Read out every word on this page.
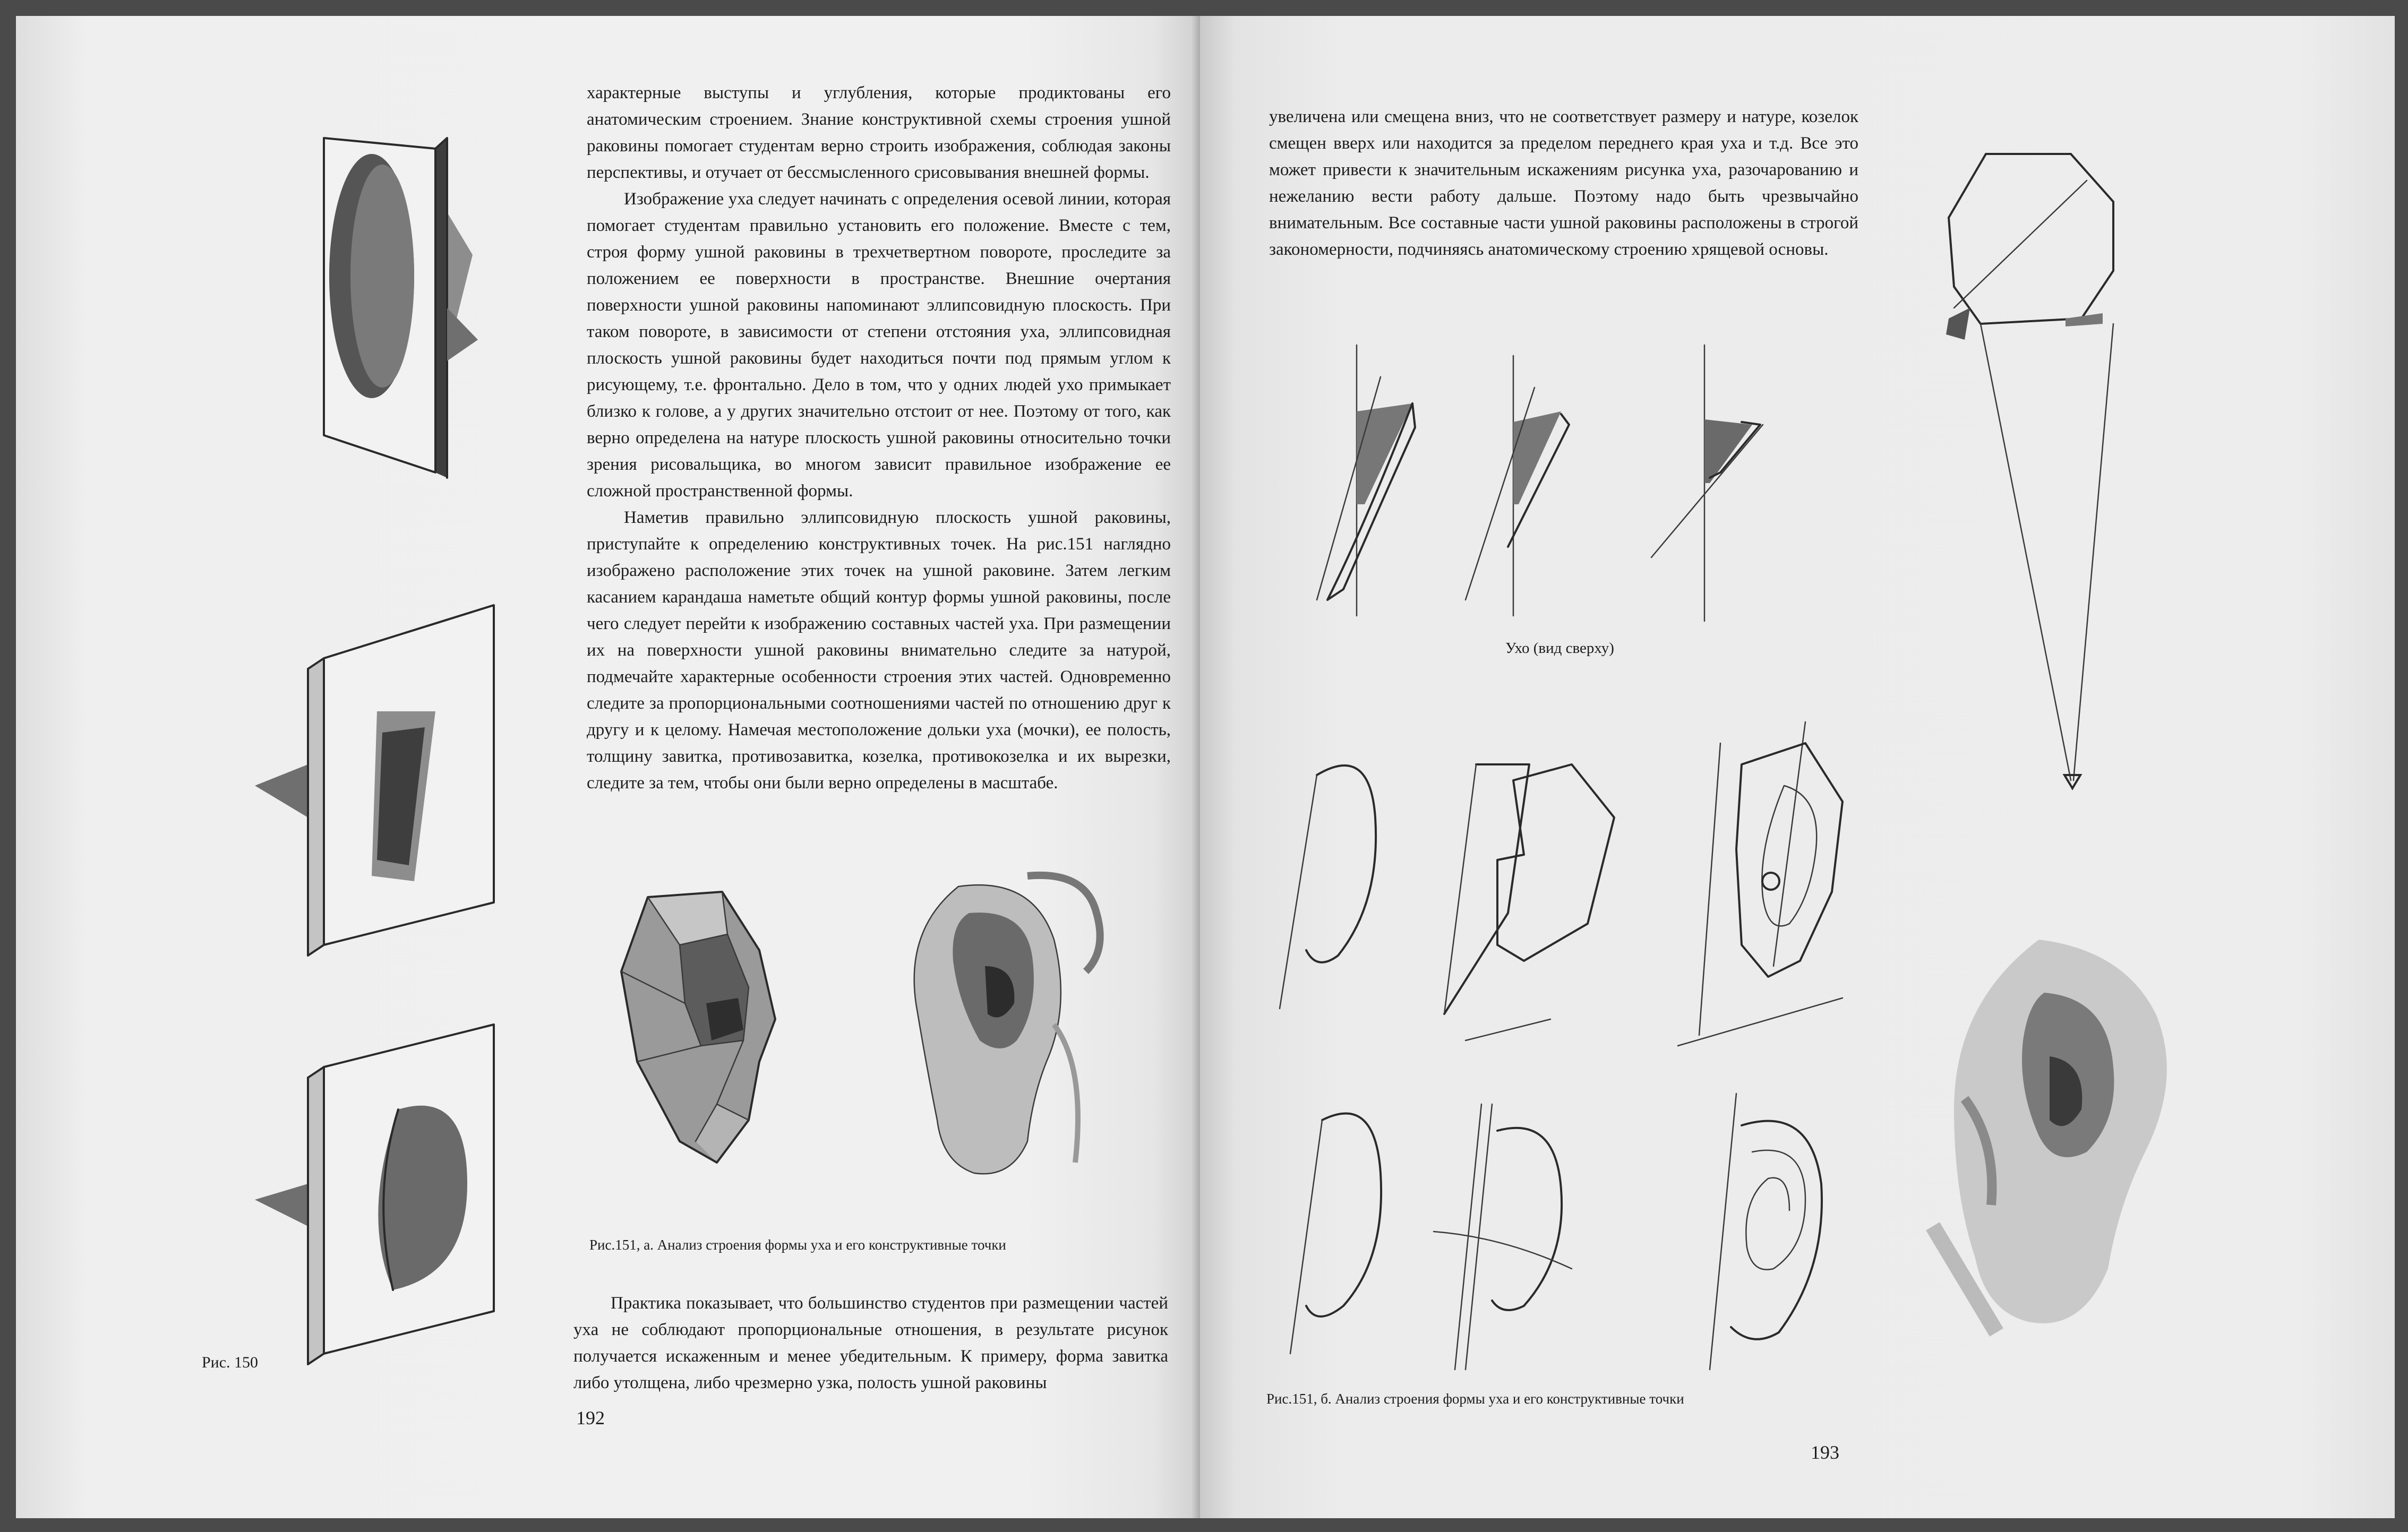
Рис. 150

характерные выступы и углубления, которые продиктованы его анатомическим строением. Знание конструктивной схемы строения ушной раковины помогает студентам верно строить изображения, соблюдая законы перспективы, и отучает от бессмысленного срисовывания внешней формы.

Изображение уха следует начинать с определения осевой линии, которая помогает студентам правильно установить его положение. Вместе с тем, строя форму ушной раковины в трехчетвертном повороте, проследите за положением ее поверхности в пространстве. Внешние очертания поверхности ушной раковины напоминают эллипсовидную плоскость. При таком повороте, в зависимости от степени отстояния уха, эллипсовидная плоскость ушной раковины будет находиться почти под прямым углом к рисующему, т.е. фронтально. Дело в том, что у одних людей ухо примыкает близко к голове, а у других значительно отстоит от нее. Поэтому от того, как верно определена на натуре плоскость ушной раковины относительно точки зрения рисовальщика, во многом зависит правильное изображение ее сложной пространственной формы.

Наметив правильно эллипсовидную плоскость ушной раковины, приступайте к определению конструктивных точек. На рис.151 наглядно изображено расположение этих точек на ушной раковине. Затем легким касанием карандаша наметьте общий контур формы ушной раковины, после чего следует перейти к изображению составных частей уха. При размещении их на поверхности ушной раковины внимательно следите за натурой, подмечайте характерные особенности строения этих частей. Одновременно следите за пропорциональными соотношениями частей по отношению друг к другу и к целому. Намечая местоположение дольки уха (мочки), ее полость, толщину завитка, противозавитка, козелка, противокозелка и их вырезки, следите за тем, чтобы они были верно определены в масштабе.

Рис.151, а. Анализ строения формы уха и его конструктивные точки

Практика показывает, что большинство студентов при размещении частей уха не соблюдают пропорциональные отношения, в результате рисунок получается искаженным и менее убедительным. К примеру, форма завитка либо утолщена, либо чрезмерно узка, полость ушной раковины

192

увеличена или смещена вниз, что не соответствует размеру и натуре, козелок смещен вверх или находится за пределом переднего края уха и т.д. Все это может привести к значительным искажениям рисунка уха, разочарованию и нежеланию вести работу дальше. Поэтому надо быть чрезвычайно внимательным. Все составные части ушной раковины расположены в строгой закономерности, подчиняясь анатомическому строению хрящевой основы.

Ухо (вид сверху)
Рис.151, б. Анализ строения формы уха и его конструктивные точки
193
